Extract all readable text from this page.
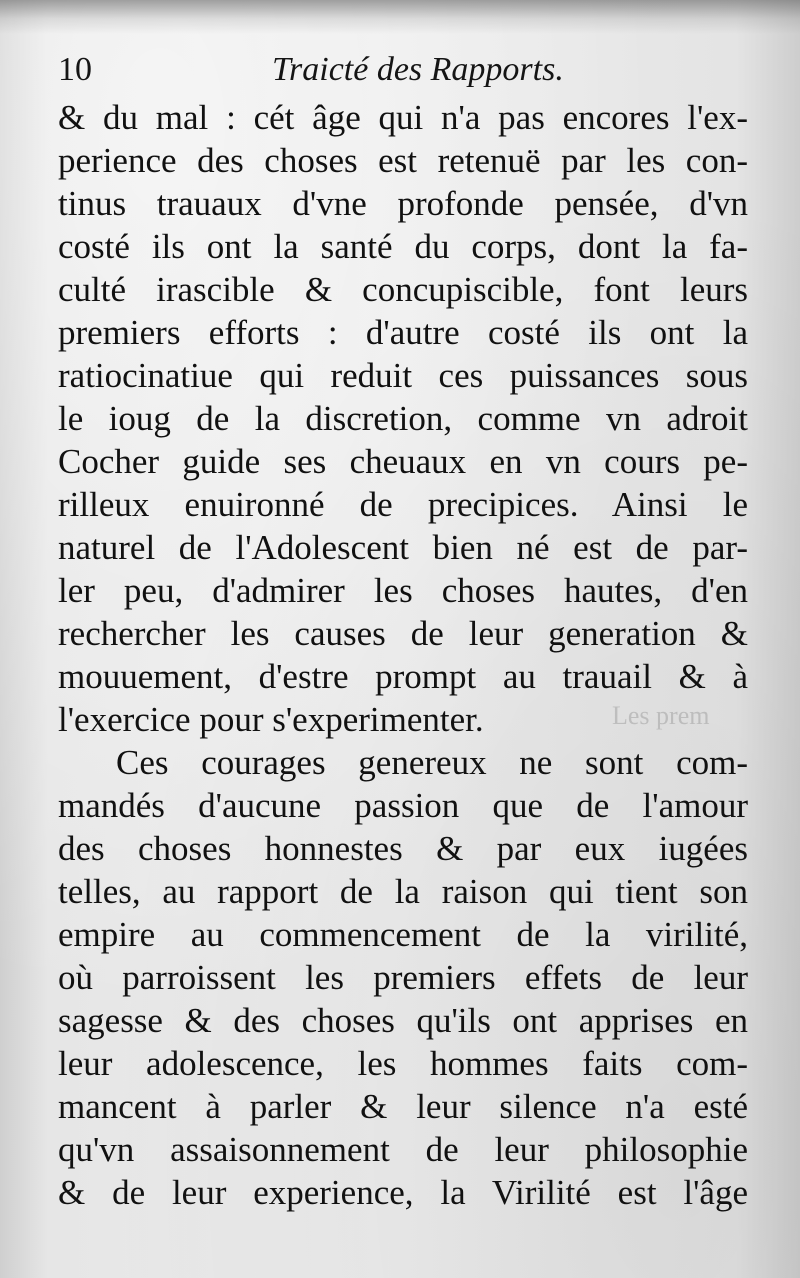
Les prem

10	Traicté des Rapports.
& du mal : cét âge qui n'a pas encores l'ex-
perience des choses est retenuë par les con-
tinus trauaux d'vne profonde pensée, d'vn
costé ils ont la santé du corps, dont la fa-
culté irascible & concupiscible, font leurs
premiers efforts : d'autre costé ils ont la
ratiocinatiue qui reduit ces puissances sous
le ioug de la discretion, comme vn adroit
Cocher guide ses cheuaux en vn cours pe-
rilleux enuironné de precipices. Ainsi le
naturel de l'Adolescent bien né est de par-
ler peu, d'admirer les choses hautes, d'en
rechercher les causes de leur generation &
mouuement, d'estre prompt au trauail & à
l'exercice pour s'experimenter.
Ces courages genereux ne sont com-
mandés d'aucune passion que de l'amour
des choses honnestes & par eux iugées
telles, au rapport de la raison qui tient son
empire au commencement de la virilité,
où parroissent les premiers effets de leur
sagesse & des choses qu'ils ont apprises en
leur adolescence, les hommes faits com-
mancent à parler & leur silence n'a esté
qu'vn assaisonnement de leur philosophie
& de leur experience, la Virilité est l'âge
